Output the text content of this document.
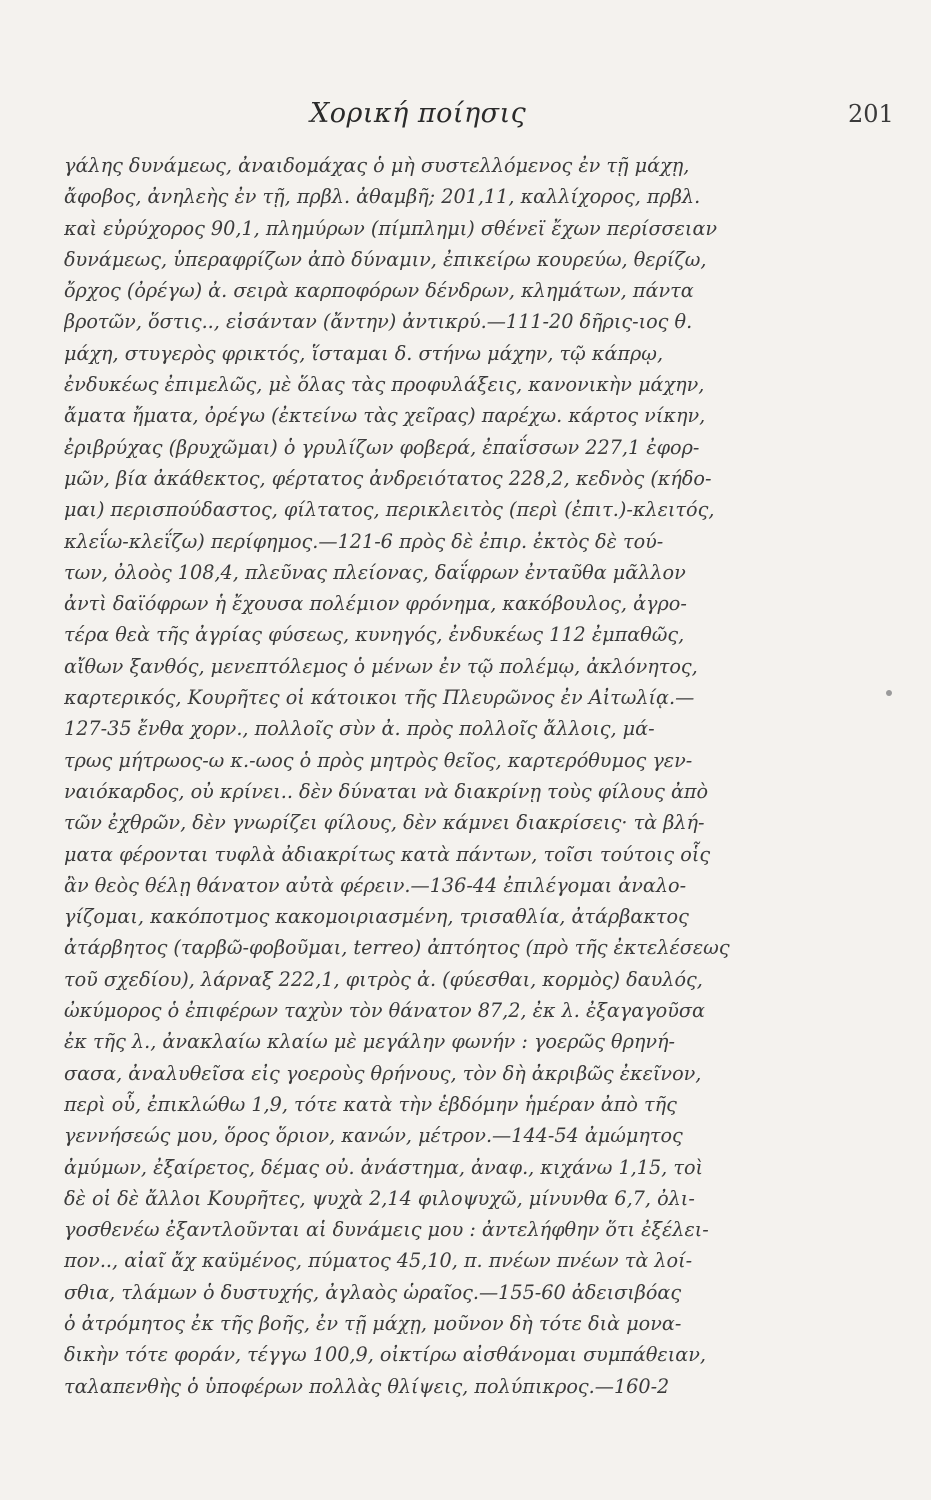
Χορική ποίησις	201
γάλης δυνάμεως, ἀναιδομάχας ὁ μὴ συστελλόμενος ἐν τῇ μάχῃ,
ἄφοβος, ἀνηλεὴς ἐν τῇ, πρβλ. ἀθαμβῆ; 201,11, καλλίχορος, πρβλ.
καὶ εὐρύχορος 90,1, πλημύρων (πίμπλημι) σθένεϊ ἔχων περίσσειαν
δυνάμεως, ὑπεραφρίζων ἀπὸ δύναμιν, ἐπικείρω κουρεύω, θερίζω,
ὄρχος (ὀρέγω) ἀ. σειρὰ καρποφόρων δένδρων, κλημάτων, πάντα
βροτῶν, ὅστις.., εἰσάνταν (ἄντην) ἀντικρύ.—111-20 δῆρις-ιος θ.
μάχη, στυγερὸς φρικτός, ἵσταμαι δ. στήνω μάχην, τῷ κάπρῳ,
ἐνδυκέως ἐπιμελῶς, μὲ ὅλας τὰς προφυλάξεις, κανονικὴν μάχην,
ἄματα ἤματα, ὀρέγω (ἐκτείνω τὰς χεῖρας) παρέχω. κάρτος νίκην,
ἐριβρύχας (βρυχῶμαι) ὁ γρυλίζων φοβερά, ἐπαΐσσων 227,1 ἐφορ-
μῶν, βία ἀκάθεκτος, φέρτατος ἀνδρειότατος 228,2, κεδνὸς (κήδο-
μαι) περισπούδαστος, φίλτατος, περικλειτὸς (περὶ (ἐπιτ.)-κλειτός,
κλεΐω-κλεΐζω) περίφημος.—121-6 πρὸς δὲ ἐπιρ. ἐκτὸς δὲ τού-
των, ὀλοὸς 108,4, πλεῦνας πλείονας, δαΐφρων ἐνταῦθα μᾶλλον
ἀντὶ δαϊόφρων ἡ ἔχουσα πολέμιον φρόνημα, κακόβουλος, ἀγρο-
τέρα θεὰ τῆς ἀγρίας φύσεως, κυνηγός, ἐνδυκέως 112 ἐμπαθῶς,
αἴθων ξανθός, μενεπτόλεμος ὁ μένων ἐν τῷ πολέμῳ, ἀκλόνητος,
καρτερικός, Κουρῆτες οἱ κάτοικοι τῆς Πλευρῶνος ἐν Αἰτωλίᾳ.—
127-35 ἔνθα χορν., πολλοῖς σὺν ἀ. πρὸς πολλοῖς ἄλλοις, μά-
τρως μήτρωος-ω κ.-ωος ὁ πρὸς μητρὸς θεῖος, καρτερόθυμος γεν-
ναιόκαρδος, οὐ κρίνει.. δὲν δύναται νὰ διακρίνῃ τοὺς φίλους ἀπὸ
τῶν ἐχθρῶν, δὲν γνωρίζει φίλους, δὲν κάμνει διακρίσεις· τὰ βλή-
ματα φέρονται τυφλὰ ἀδιακρίτως κατὰ πάντων, τοῖσι τούτοις οἷς
ἂν θεὸς θέλῃ θάνατον αὐτὰ φέρειν.—136-44 ἐπιλέγομαι ἀναλο-
γίζομαι, κακόποτμος κακομοιριασμένη, τρισαθλία, ἀτάρβακτος
ἀτάρβητος (ταρβῶ-φοβοῦμαι, terreo) ἀπτόητος (πρὸ τῆς ἐκτελέσεως
τοῦ σχεδίου), λάρναξ 222,1, φιτρὸς ἀ. (φύεσθαι, κορμὸς) δαυλός,
ὠκύμορος ὁ ἐπιφέρων ταχὺν τὸν θάνατον 87,2, ἐκ λ. ἐξαγαγοῦσα
ἐκ τῆς λ., ἀνακλαίω κλαίω μὲ μεγάλην φωνήν : γοερῶς θρηνή-
σασα, ἀναλυθεῖσα εἰς γοεροὺς θρήνους, τὸν δὴ ἀκριβῶς ἐκεῖνον,
περὶ οὗ, ἐπικλώθω 1,9, τότε κατὰ τὴν ἑβδόμην ἡμέραν ἀπὸ τῆς
γεννήσεώς μου, ὅρος ὅριον, κανών, μέτρον.—144-54 ἀμώμητος
ἀμύμων, ἐξαίρετος, δέμας οὐ. ἀνάστημα, ἀναφ., κιχάνω 1,15, τοὶ
δὲ οἱ δὲ ἄλλοι Κουρῆτες, ψυχὰ 2,14 φιλοψυχῶ, μίνυνθα 6,7, ὀλι-
γοσθενέω ἐξαντλοῦνται αἱ δυνάμεις μου : ἀντελήφθην ὅτι ἐξέλει-
πον.., αἰαῖ ἄχ καϋμένος, πύματος 45,10, π. πνέων πνέων τὰ λοί-
σθια, τλάμων ὁ δυστυχής, ἀγλαὸς ὡραῖος.—155-60 ἀδεισιβόας
ὁ ἀτρόμητος ἐκ τῆς βοῆς, ἐν τῇ μάχῃ, μοῦνον δὴ τότε διὰ μονα-
δικὴν τότε φοράν, τέγγω 100,9, οἰκτίρω αἰσθάνομαι συμπάθειαν,
ταλαπενθὴς ὁ ὑποφέρων πολλὰς θλίψεις, πολύπικρος.—160-2
